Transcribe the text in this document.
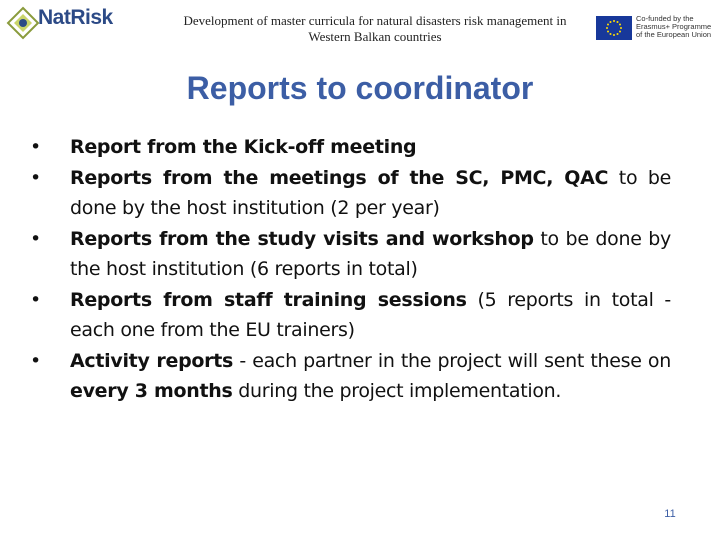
NatRisk	Development of master curricula for natural disasters risk management in
Western Balkan countries
Co-funded by the Erasmus+ Programme of the European Union
Reports to coordinator
• Report from the Kick-off meeting
• Reports from the meetings of the SC, PMC, QAC to be done by the host institution (2 per year)
• Reports from the study visits and workshop to be done by the host institution (6 reports in total)
• Reports from staff training sessions (5 reports in total - each one from the EU trainers)
• Activity reports - each partner in the project will sent these on every 3 months during the project implementation.
11
